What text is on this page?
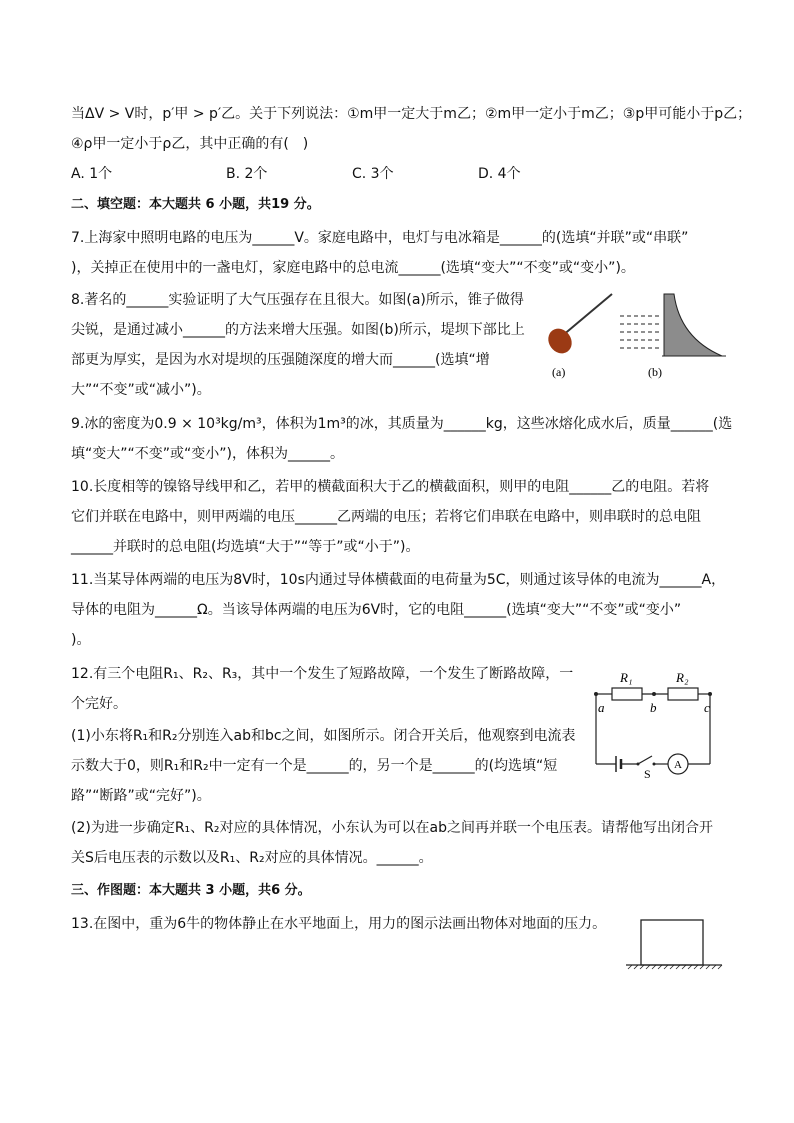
当ΔV > V时，p′甲 > p′乙。关于下列说法：①m甲一定大于m乙；②m甲一定小于m乙；③p甲可能小于p乙；
④ρ甲一定小于ρ乙，其中正确的有(　)
A. 1个	B. 2个	C. 3个	D. 4个
二、填空题：本大题共 6 小题，共19 分。
7.上海家中照明电路的电压为______V。家庭电路中，电灯与电冰箱是______的(选填“并联”或“串联”
)，关掉正在使用中的一盏电灯，家庭电路中的总电流______(选填“变大”“不变”或“变小”)。
8.著名的______实验证明了大气压强存在且很大。如图(a)所示，锥子做得
尖锐，是通过减小______的方法来增大压强。如图(b)所示，堤坝下部比上
部更为厚实，是因为水对堤坝的压强随深度的增大而______(选填“增
大”“不变”或“减小”)。
(a)	(b)
9.冰的密度为0.9 × 10³kg/m³，体积为1m³的冰，其质量为______kg，这些冰熔化成水后，质量______(选
填“变大”“不变”或“变小”)，体积为______。
10.长度相等的镍铬导线甲和乙，若甲的横截面积大于乙的横截面积，则甲的电阻______乙的电阻。若将
它们并联在电路中，则甲两端的电压______乙两端的电压；若将它们串联在电路中，则串联时的总电阻
______并联时的总电阻(均选填“大于”“等于”或“小于”)。
11.当某导体两端的电压为8V时，10s内通过导体横截面的电荷量为5C，则通过该导体的电流为______A，
导体的电阻为______Ω。当该导体两端的电压为6V时，它的电阻______(选填“变大”“不变”或“变小”
)。
12.有三个电阻R₁、R₂、R₃，其中一个发生了短路故障，一个发生了断路故障，一
个完好。
(1)小东将R₁和R₂分别连入ab和bc之间，如图所示。闭合开关后，他观察到电流表
示数大于0，则R₁和R₂中一定有一个是______的，另一个是______的(均选填“短
路”“断路”或“完好”)。
(2)为进一步确定R₁、R₂对应的具体情况，小东认为可以在ab之间再并联一个电压表。请帮他写出闭合开
关S后电压表的示数以及R₁、R₂对应的具体情况。______。
R₁	R₂
a	b	c
S
A
三、作图题：本大题共 3 小题，共6 分。
13.在图中，重为6牛的物体静止在水平地面上，用力的图示法画出物体对地面的压力。
